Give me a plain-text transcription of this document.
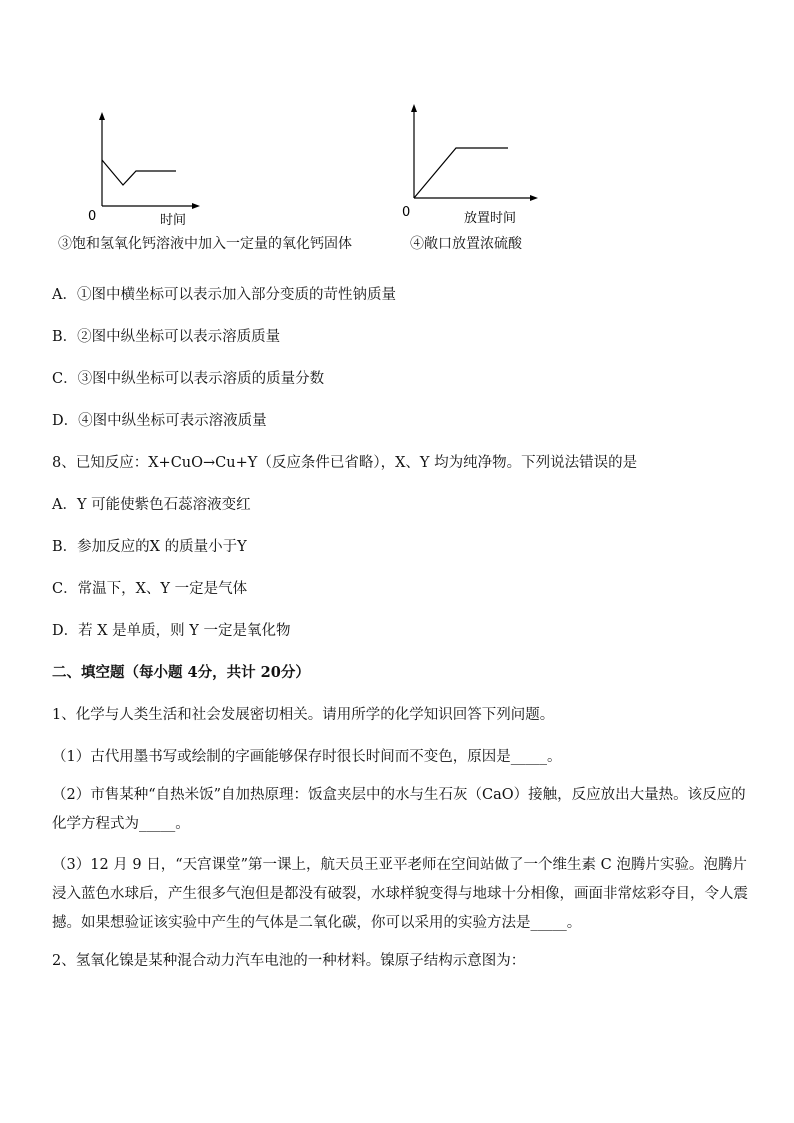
0	时间
③饱和氢氧化钙溶液中加入一定量的氧化钙固体
0	放置时间
④敞口放置浓硫酸
A．①图中横坐标可以表示加入部分变质的苛性钠质量
B．②图中纵坐标可以表示溶质质量
C．③图中纵坐标可以表示溶质的质量分数
D．④图中纵坐标可表示溶液质量
8、已知反应：X+CuO→Cu+Y（反应条件已省略），X、Y 均为纯净物。下列说法错误的是
A．Y 可能使紫色石蕊溶液变红
B．参加反应的X 的质量小于Y
C．常温下，X、Y 一定是气体
D．若 X 是单质，则 Y 一定是氧化物
二、填空题（每小题 4分，共计 20分）
1、化学与人类生活和社会发展密切相关。请用所学的化学知识回答下列问题。
（1）古代用墨书写或绘制的字画能够保存时很长时间而不变色，原因是_____。
（2）市售某种“自热米饭”自加热原理：饭盒夹层中的水与生石灰（CaO）接触，反应放出大量热。该反应的化学方程式为_____。
（3）12 月 9 日，“天宫课堂”第一课上，航天员王亚平老师在空间站做了一个维生素 C 泡腾片实验。泡腾片浸入蓝色水球后，产生很多气泡但是都没有破裂，水球样貌变得与地球十分相像，画面非常炫彩夺目，令人震撼。如果想验证该实验中产生的气体是二氧化碳，你可以采用的实验方法是_____。
2、氢氧化镍是某种混合动力汽车电池的一种材料。镍原子结构示意图为：
